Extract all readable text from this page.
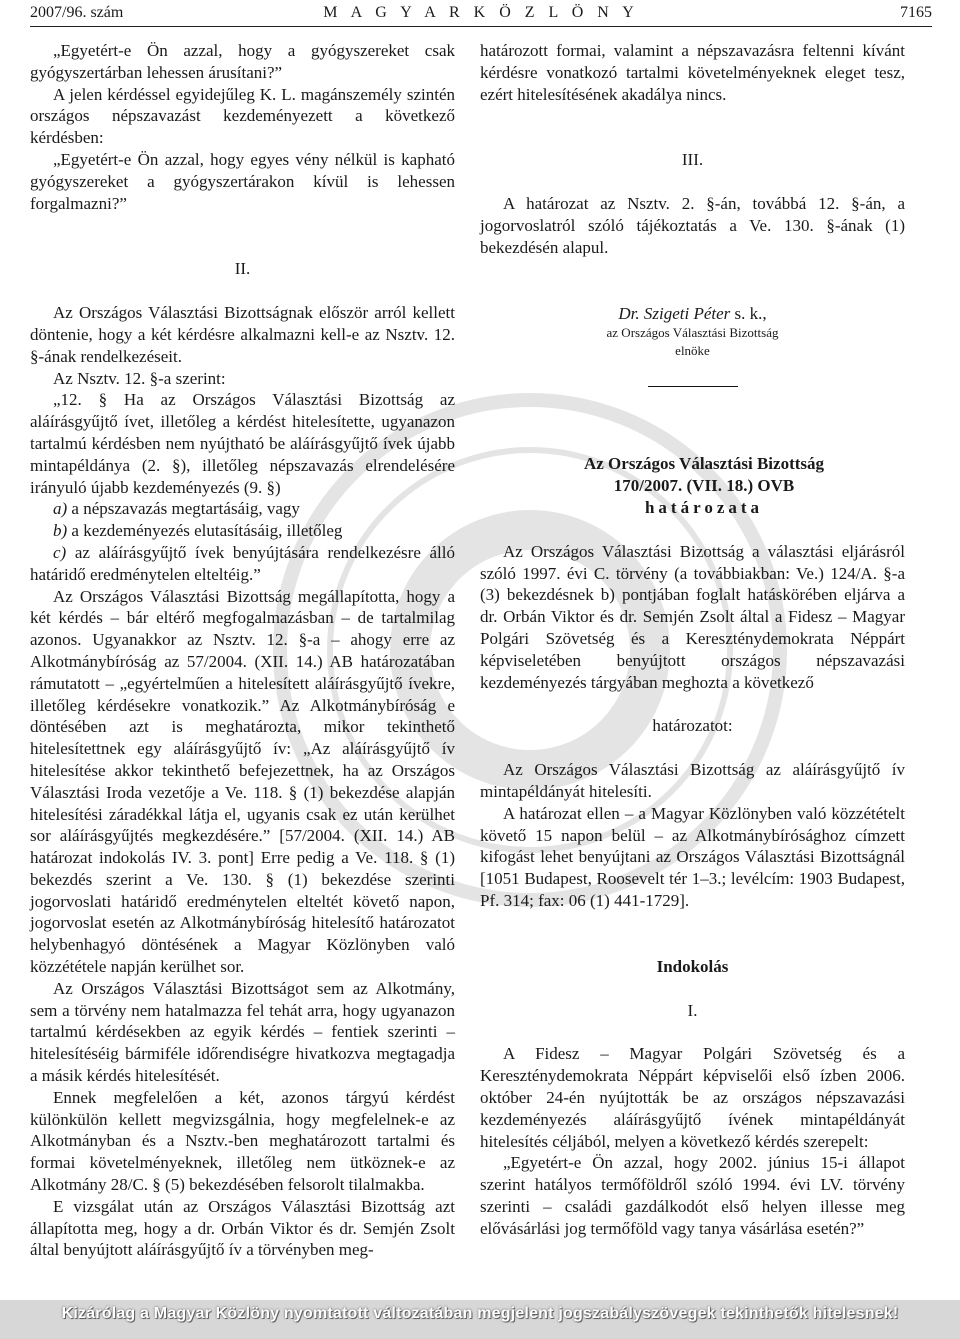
2007/96. szám	M A G Y A R K Ö Z L Ö N Y	7165

„Egyetért-e Ön azzal, hogy a gyógyszereket csak gyógyszertárban lehessen árusítani?”

A jelen kérdéssel egyidejűleg K. L. magánszemély szintén országos népszavazást kezdeményezett a következő kérdésben:

„Egyetért-e Ön azzal, hogy egyes vény nélkül is kapható gyógyszereket a gyógyszertárakon kívül is lehessen forgalmazni?”

II.

Az Országos Választási Bizottságnak először arról kellett döntenie, hogy a két kérdésre alkalmazni kell-e az Nsztv. 12. §-ának rendelkezéseit.

Az Nsztv. 12. §-a szerint:

„12. § Ha az Országos Választási Bizottság az aláírásgyűjtő ívet, illetőleg a kérdést hitelesítette, ugyanazon tartalmú kérdésben nem nyújtható be aláírásgyűjtő ívek újabb mintapéldánya (2. §), illetőleg népszavazás elrendelésére irányuló újabb kezdeményezés (9. §)

a) a népszavazás megtartásáig, vagy

b) a kezdeményezés elutasításáig, illetőleg

c) az aláírásgyűjtő ívek benyújtására rendelkezésre álló határidő eredménytelen elteltéig.”

Az Országos Választási Bizottság megállapította, hogy a két kérdés – bár eltérő megfogalmazásban – de tartalmilag azonos. Ugyanakkor az Nsztv. 12. §-a – ahogy erre az Alkotmánybíróság az 57/2004. (XII. 14.) AB határozatában rámutatott – „egyértelműen a hitelesített aláírásgyűjtő ívekre, illetőleg kérdésekre vonatkozik.” Az Alkotmánybíróság e döntésében azt is meghatározta, mikor tekinthető hitelesítettnek egy aláírásgyűjtő ív: „Az aláírásgyűjtő ív hitelesítése akkor tekinthető befejezettnek, ha az Országos Választási Iroda vezetője a Ve. 118. § (1) bekezdése alapján hitelesítési záradékkal látja el, ugyanis csak ez után kerülhet sor aláírásgyűjtés megkezdésére.” [57/2004. (XII. 14.) AB határozat indokolás IV. 3. pont] Erre pedig a Ve. 118. § (1) bekezdés szerint a Ve. 130. § (1) bekezdése szerinti jogorvoslati határidő eredménytelen elteltét követő napon, jogorvoslat esetén az Alkotmánybíróság hitelesítő határozatot helybenhagyó döntésének a Magyar Közlönyben való közzététele napján kerülhet sor.

Az Országos Választási Bizottságot sem az Alkotmány, sem a törvény nem hatalmazza fel tehát arra, hogy ugyanazon tartalmú kérdésekben az egyik kérdés – fentiek szerinti – hitelesítéséig bármiféle időrendiségre hivatkozva megtagadja a másik kérdés hitelesítését.

Ennek megfelelően a két, azonos tárgyú kérdést különkülön kellett megvizsgálnia, hogy megfelelnek-e az Alkotmányban és a Nsztv.-ben meghatározott tartalmi és formai követelményeknek, illetőleg nem ütköznek-e az Alkotmány 28/C. § (5) bekezdésében felsorolt tilalmakba.

E vizsgálat után az Országos Választási Bizottság azt állapította meg, hogy a dr. Orbán Viktor és dr. Semjén Zsolt által benyújtott aláírásgyűjtő ív a törvényben meg-

határozott formai, valamint a népszavazásra feltenni kívánt kérdésre vonatkozó tartalmi követelményeknek eleget tesz, ezért hitelesítésének akadálya nincs.

III.

A határozat az Nsztv. 2. §-án, továbbá 12. §-án, a jogorvoslatról szóló tájékoztatás a Ve. 130. §-ának (1) bekezdésén alapul.

Dr. Szigeti Péter s. k.,
az Országos Választási Bizottság
elnöke

Az Országos Választási Bizottság

170/2007. (VII. 18.) OVB

határozata

Az Országos Választási Bizottság a választási eljárásról szóló 1997. évi C. törvény (a továbbiakban: Ve.) 124/A. §-a (3) bekezdésnek b) pontjában foglalt hatáskörében eljárva a dr. Orbán Viktor és dr. Semjén Zsolt által a Fidesz – Magyar Polgári Szövetség és a Kereszténydemokrata Néppárt képviseletében benyújtott országos népszavazási kezdeményezés tárgyában meghozta a következő

határozatot:

Az Országos Választási Bizottság az aláírásgyűjtő ív mintapéldányát hitelesíti.

A határozat ellen – a Magyar Közlönyben való közzétételt követő 15 napon belül – az Alkotmánybírósághoz címzett kifogást lehet benyújtani az Országos Választási Bizottságnál [1051 Budapest, Roosevelt tér 1–3.; levélcím: 1903 Budapest, Pf. 314; fax: 06 (1) 441-1729].

Indokolás

I.

A Fidesz – Magyar Polgári Szövetség és a Kereszténydemokrata Néppárt képviselői első ízben 2006. október 24-én nyújtották be az országos népszavazási kezdeményezés aláírásgyűjtő ívének mintapéldányát hitelesítés céljából, melyen a következő kérdés szerepelt:

„Egyetért-e Ön azzal, hogy 2002. június 15-i állapot szerint hatályos termőföldről szóló 1994. évi LV. törvény szerinti – családi gazdálkodót első helyen illesse meg elővásárlási jog termőföld vagy tanya vásárlása esetén?”

Kizárólag a Magyar Közlöny nyomtatott változatában megjelent jogszabályszövegek tekinthetők hitelesnek!
